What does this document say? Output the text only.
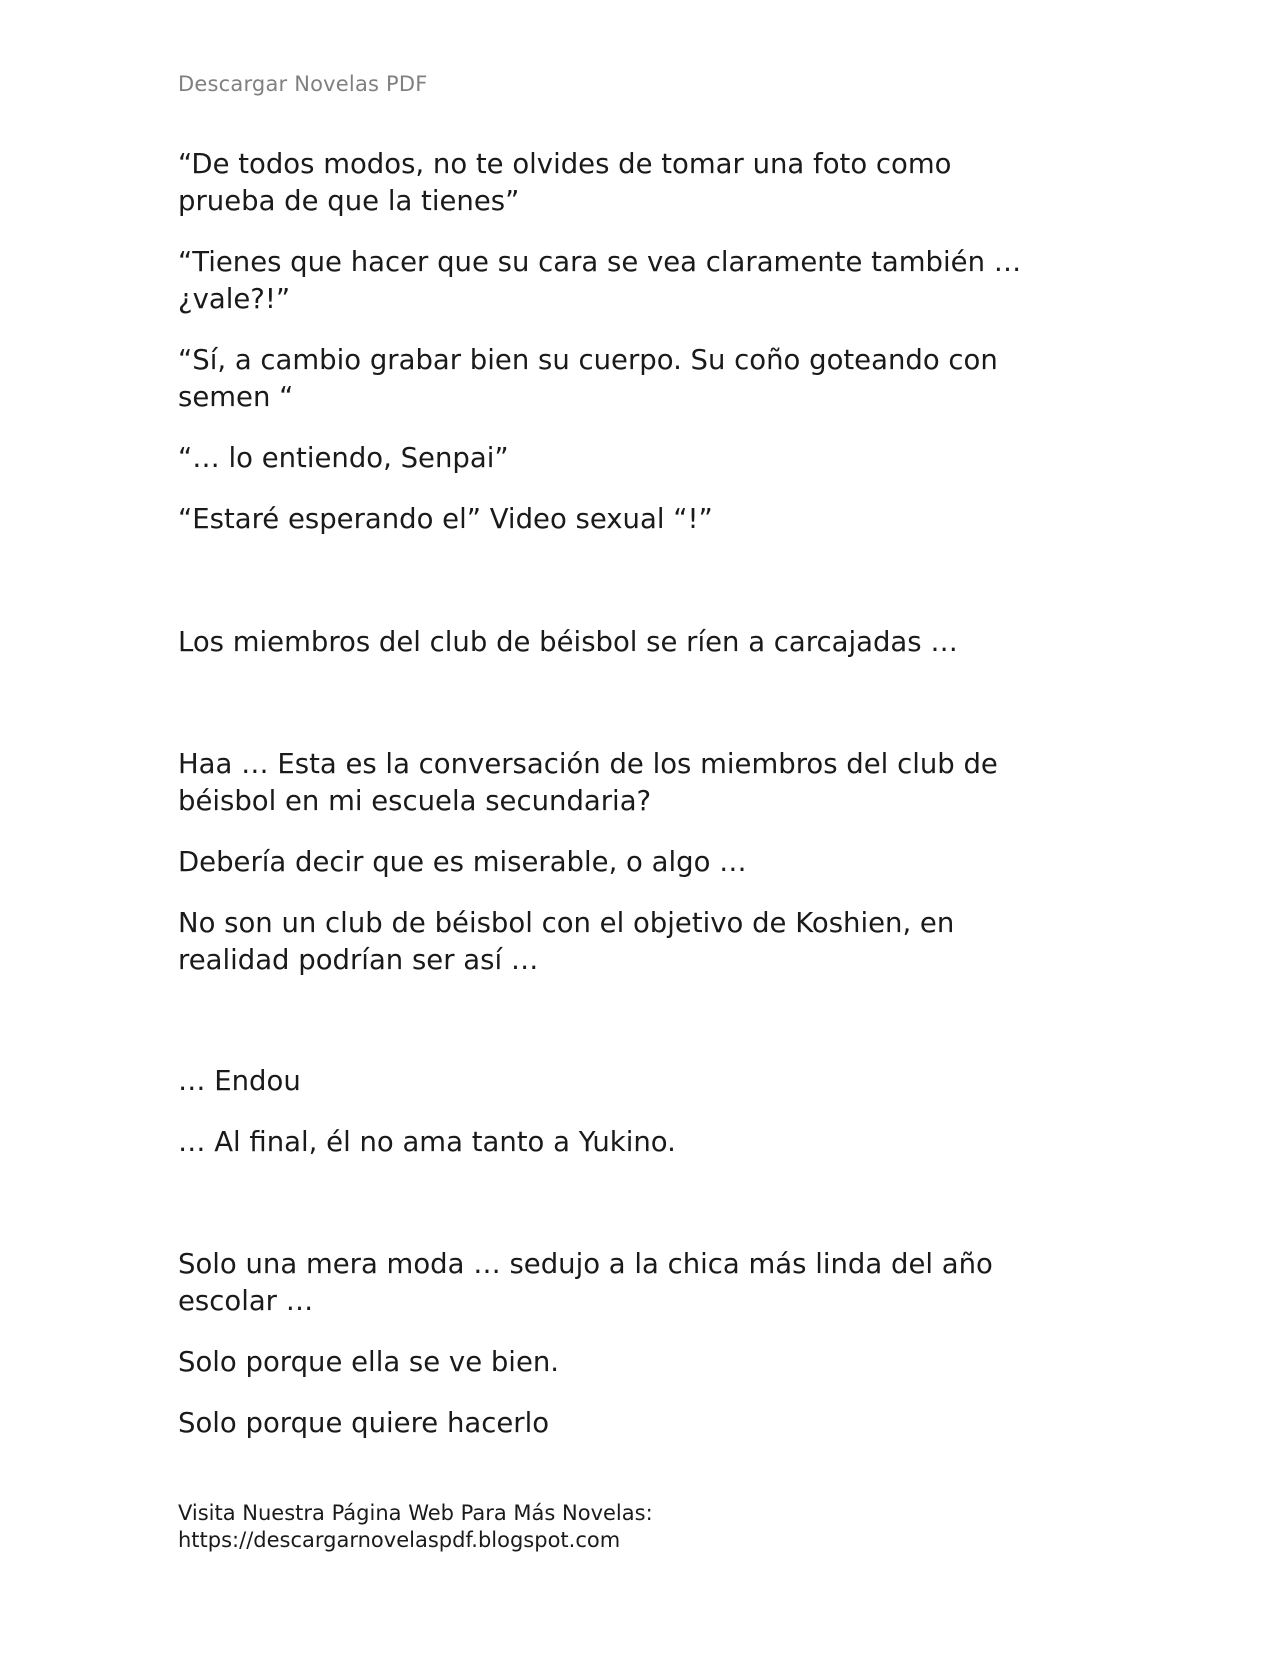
Descargar Novelas PDF

“De todos modos, no te olvides de tomar una foto como
prueba de que la tienes”

“Tienes que hacer que su cara se vea claramente también …
¿vale?!”

“Sí, a cambio grabar bien su cuerpo. Su coño goteando con
semen “

“… lo entiendo, Senpai”

“Estaré esperando el” Video sexual “!”

Los miembros del club de béisbol se ríen a carcajadas …

Haa … Esta es la conversación de los miembros del club de
béisbol en mi escuela secundaria?

Debería decir que es miserable, o algo …

No son un club de béisbol con el objetivo de Koshien, en
realidad podrían ser así …

… Endou

… Al final, él no ama tanto a Yukino.

Solo una mera moda … sedujo a la chica más linda del año
escolar …

Solo porque ella se ve bien.

Solo porque quiere hacerlo

Visita Nuestra Página Web Para Más Novelas:
https://descargarnovelaspdf.blogspot.com
